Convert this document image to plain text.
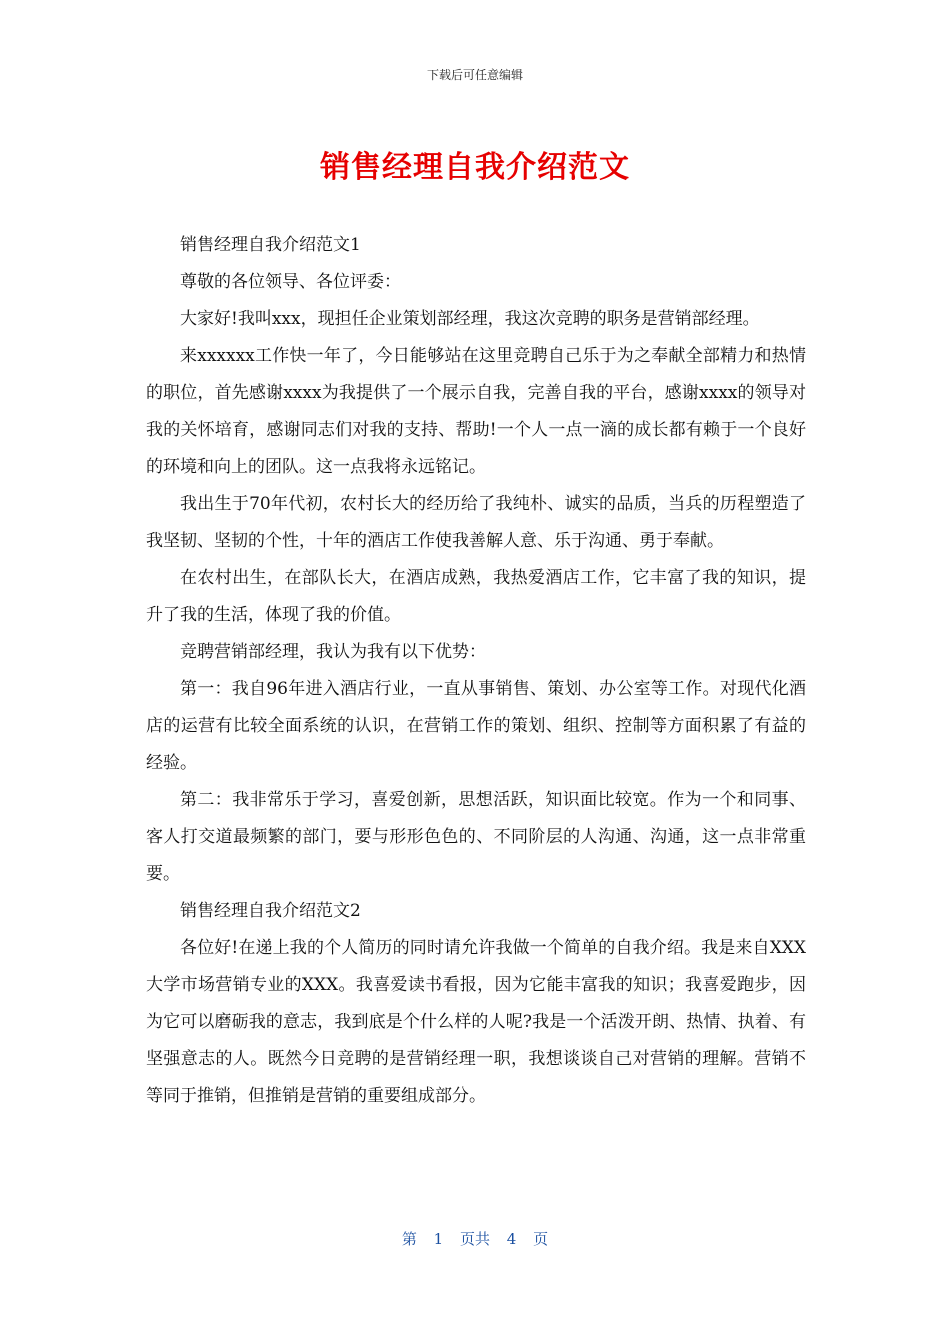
下载后可任意编辑
销售经理自我介绍范文

销售经理自我介绍范文1

尊敬的各位领导、各位评委：

大家好!我叫xxx，现担任企业策划部经理，我这次竞聘的职务是营销部经理。

来xxxxxx工作快一年了，今日能够站在这里竞聘自己乐于为之奉献全部精力和热情的职位，首先感谢xxxx为我提供了一个展示自我，完善自我的平台，感谢xxxx的领导对我的关怀培育，感谢同志们对我的支持、帮助!一个人一点一滴的成长都有赖于一个良好的环境和向上的团队。这一点我将永远铭记。

我出生于70年代初，农村长大的经历给了我纯朴、诚实的品质，当兵的历程塑造了我坚韧、坚韧的个性，十年的酒店工作使我善解人意、乐于沟通、勇于奉献。

在农村出生，在部队长大，在酒店成熟，我热爱酒店工作，它丰富了我的知识，提升了我的生活，体现了我的价值。

竞聘营销部经理，我认为我有以下优势：

第一：我自96年进入酒店行业，一直从事销售、策划、办公室等工作。对现代化酒店的运营有比较全面系统的认识，在营销工作的策划、组织、控制等方面积累了有益的经验。

第二：我非常乐于学习，喜爱创新，思想活跃，知识面比较宽。作为一个和同事、客人打交道最频繁的部门，要与形形色色的、不同阶层的人沟通、沟通，这一点非常重要。

销售经理自我介绍范文2

各位好!在递上我的个人简历的同时请允许我做一个简单的自我介绍。我是来自XXX大学市场营销专业的XXX。我喜爱读书看报，因为它能丰富我的知识；我喜爱跑步，因为它可以磨砺我的意志，我到底是个什么样的人呢?我是一个活泼开朗、热情、执着、有坚强意志的人。既然今日竞聘的是营销经理一职，我想谈谈自己对营销的理解。营销不等同于推销，但推销是营销的重要组成部分。

第 1 页共 4 页
